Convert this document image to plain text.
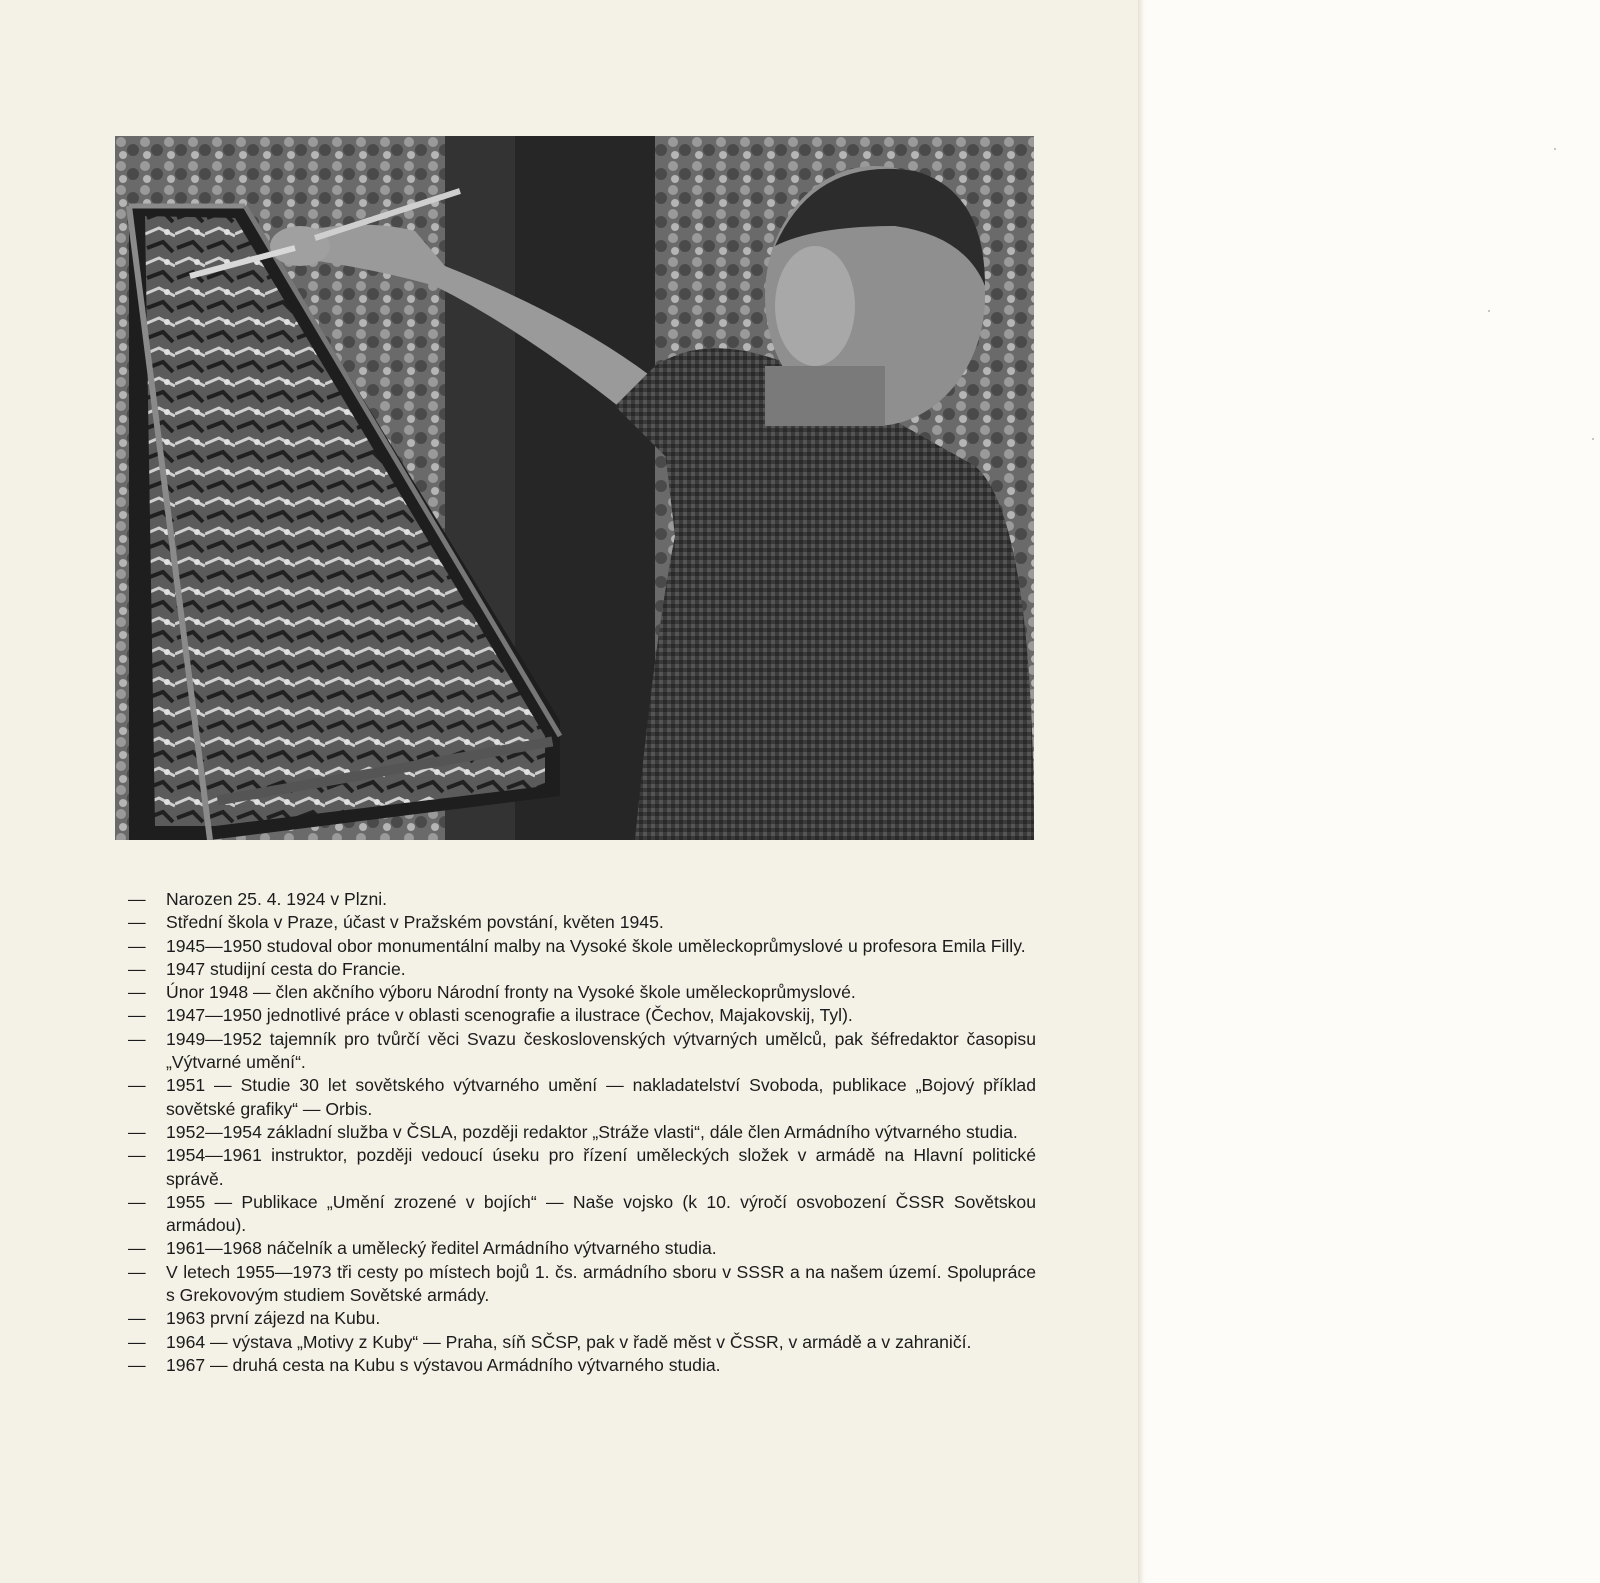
— Narozen 25. 4. 1924 v Plzni.
— Střední škola v Praze, účast v Pražském povstání, květen 1945.
— 1945—1950 studoval obor monumentální malby na Vysoké škole uměleckoprůmyslové u profesora Emila Filly.
— 1947 studijní cesta do Francie.
— Únor 1948 — člen akčního výboru Národní fronty na Vysoké škole uměleckoprůmyslové.
— 1947—1950 jednotlivé práce v oblasti scenografie a ilustrace (Čechov, Majakovskij, Tyl).
— 1949—1952 tajemník pro tvůrčí věci Svazu československých výtvarných umělců, pak šéfredaktor časopisu „Výtvarné umění“.
— 1951 — Studie 30 let sovětského výtvarného umění — nakladatelství Svoboda, publikace „Bojový příklad sovětské grafiky“ — Orbis.
— 1952—1954 základní služba v ČSLA, později redaktor „Stráže vlasti“, dále člen Armádního výtvarného studia.
— 1954—1961 instruktor, později vedoucí úseku pro řízení uměleckých složek v armádě na Hlavní politické správě.
— 1955 — Publikace „Umění zrozené v bojích“ — Naše vojsko (k 10. výročí osvobození ČSSR Sovětskou armádou).
— 1961—1968 náčelník a umělecký ředitel Armádního výtvarného studia.
— V letech 1955—1973 tři cesty po místech bojů 1. čs. armádního sboru v SSSR a na našem území. Spolupráce s Grekovovým studiem Sovětské armády.
— 1963 první zájezd na Kubu.
— 1964 — výstava „Motivy z Kuby“ — Praha, síň SČSP, pak v řadě měst v ČSSR, v armádě a v zahraničí.
— 1967 — druhá cesta na Kubu s výstavou Armádního výtvarného studia.
